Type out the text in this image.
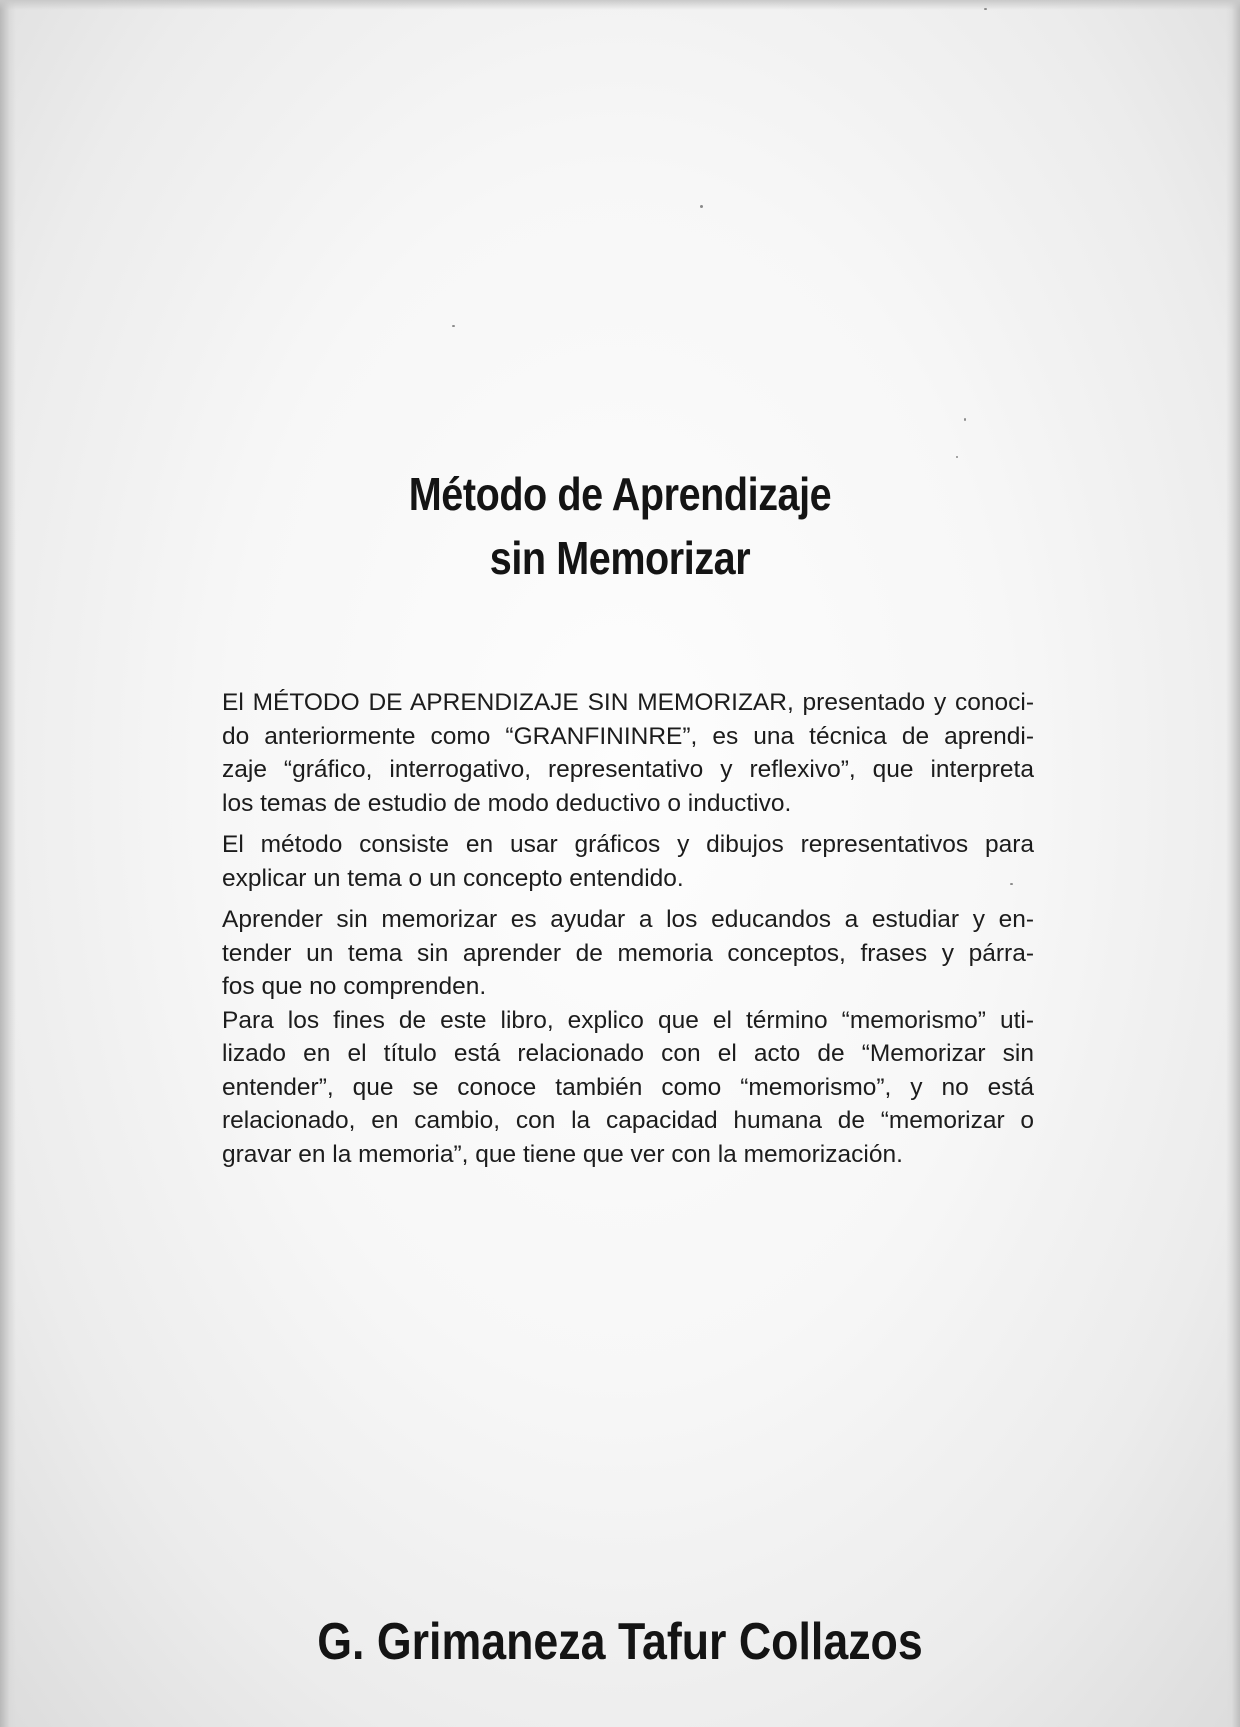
Método de Aprendizaje
sin Memorizar

El MÉTODO DE APRENDIZAJE SIN MEMORIZAR, presentado y conoci-
do anteriormente como “GRANFININRE”, es una técnica de aprendi-
zaje “gráfico, interrogativo, representativo y reflexivo”, que interpreta
los temas de estudio de modo deductivo o inductivo.

El método consiste en usar gráficos y dibujos representativos para
explicar un tema o un concepto entendido.

Aprender sin memorizar es ayudar a los educandos a estudiar y en-
tender un tema sin aprender de memoria conceptos, frases y párra-
fos que no comprenden.

Para los fines de este libro, explico que el término “memorismo” uti-
lizado en el título está relacionado con el acto de “Memorizar sin
entender”, que se conoce también como “memorismo”, y no está
relacionado, en cambio, con la capacidad humana de “memorizar o
gravar en la memoria”, que tiene que ver con la memorización.

G. Grimaneza Tafur Collazos
